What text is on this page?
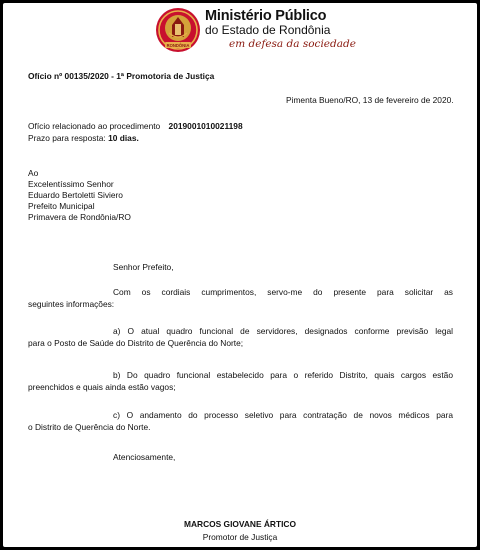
RONDÔNIA
Ministério Público
do Estado de Rondônia
em defesa da sociedade
Ofício nº 00135/2020 - 1ª Promotoria de Justiça
Pimenta Bueno/RO, 13 de fevereiro de 2020.
Ofício relacionado ao procedimento 2019001010021198
Prazo para resposta: 10 dias.
Ao
Excelentíssimo Senhor
Eduardo Bertoletti Siviero
Prefeito Municipal
Primavera de Rondônia/RO
Senhor Prefeito,
Com os cordiais cumprimentos, servo-me do presente para solicitar as
seguintes informações:
a) O atual quadro funcional de servidores, designados conforme previsão legal
para o Posto de Saúde do Distrito de Querência do Norte;
b) Do quadro funcional estabelecido para o referido Distrito, quais cargos estão
preenchidos e quais ainda estão vagos;
c) O andamento do processo seletivo para contratação de novos médicos para
o Distrito de Querência do Norte.
Atenciosamente,
MARCOS GIOVANE ÁRTICO
Promotor de Justiça
